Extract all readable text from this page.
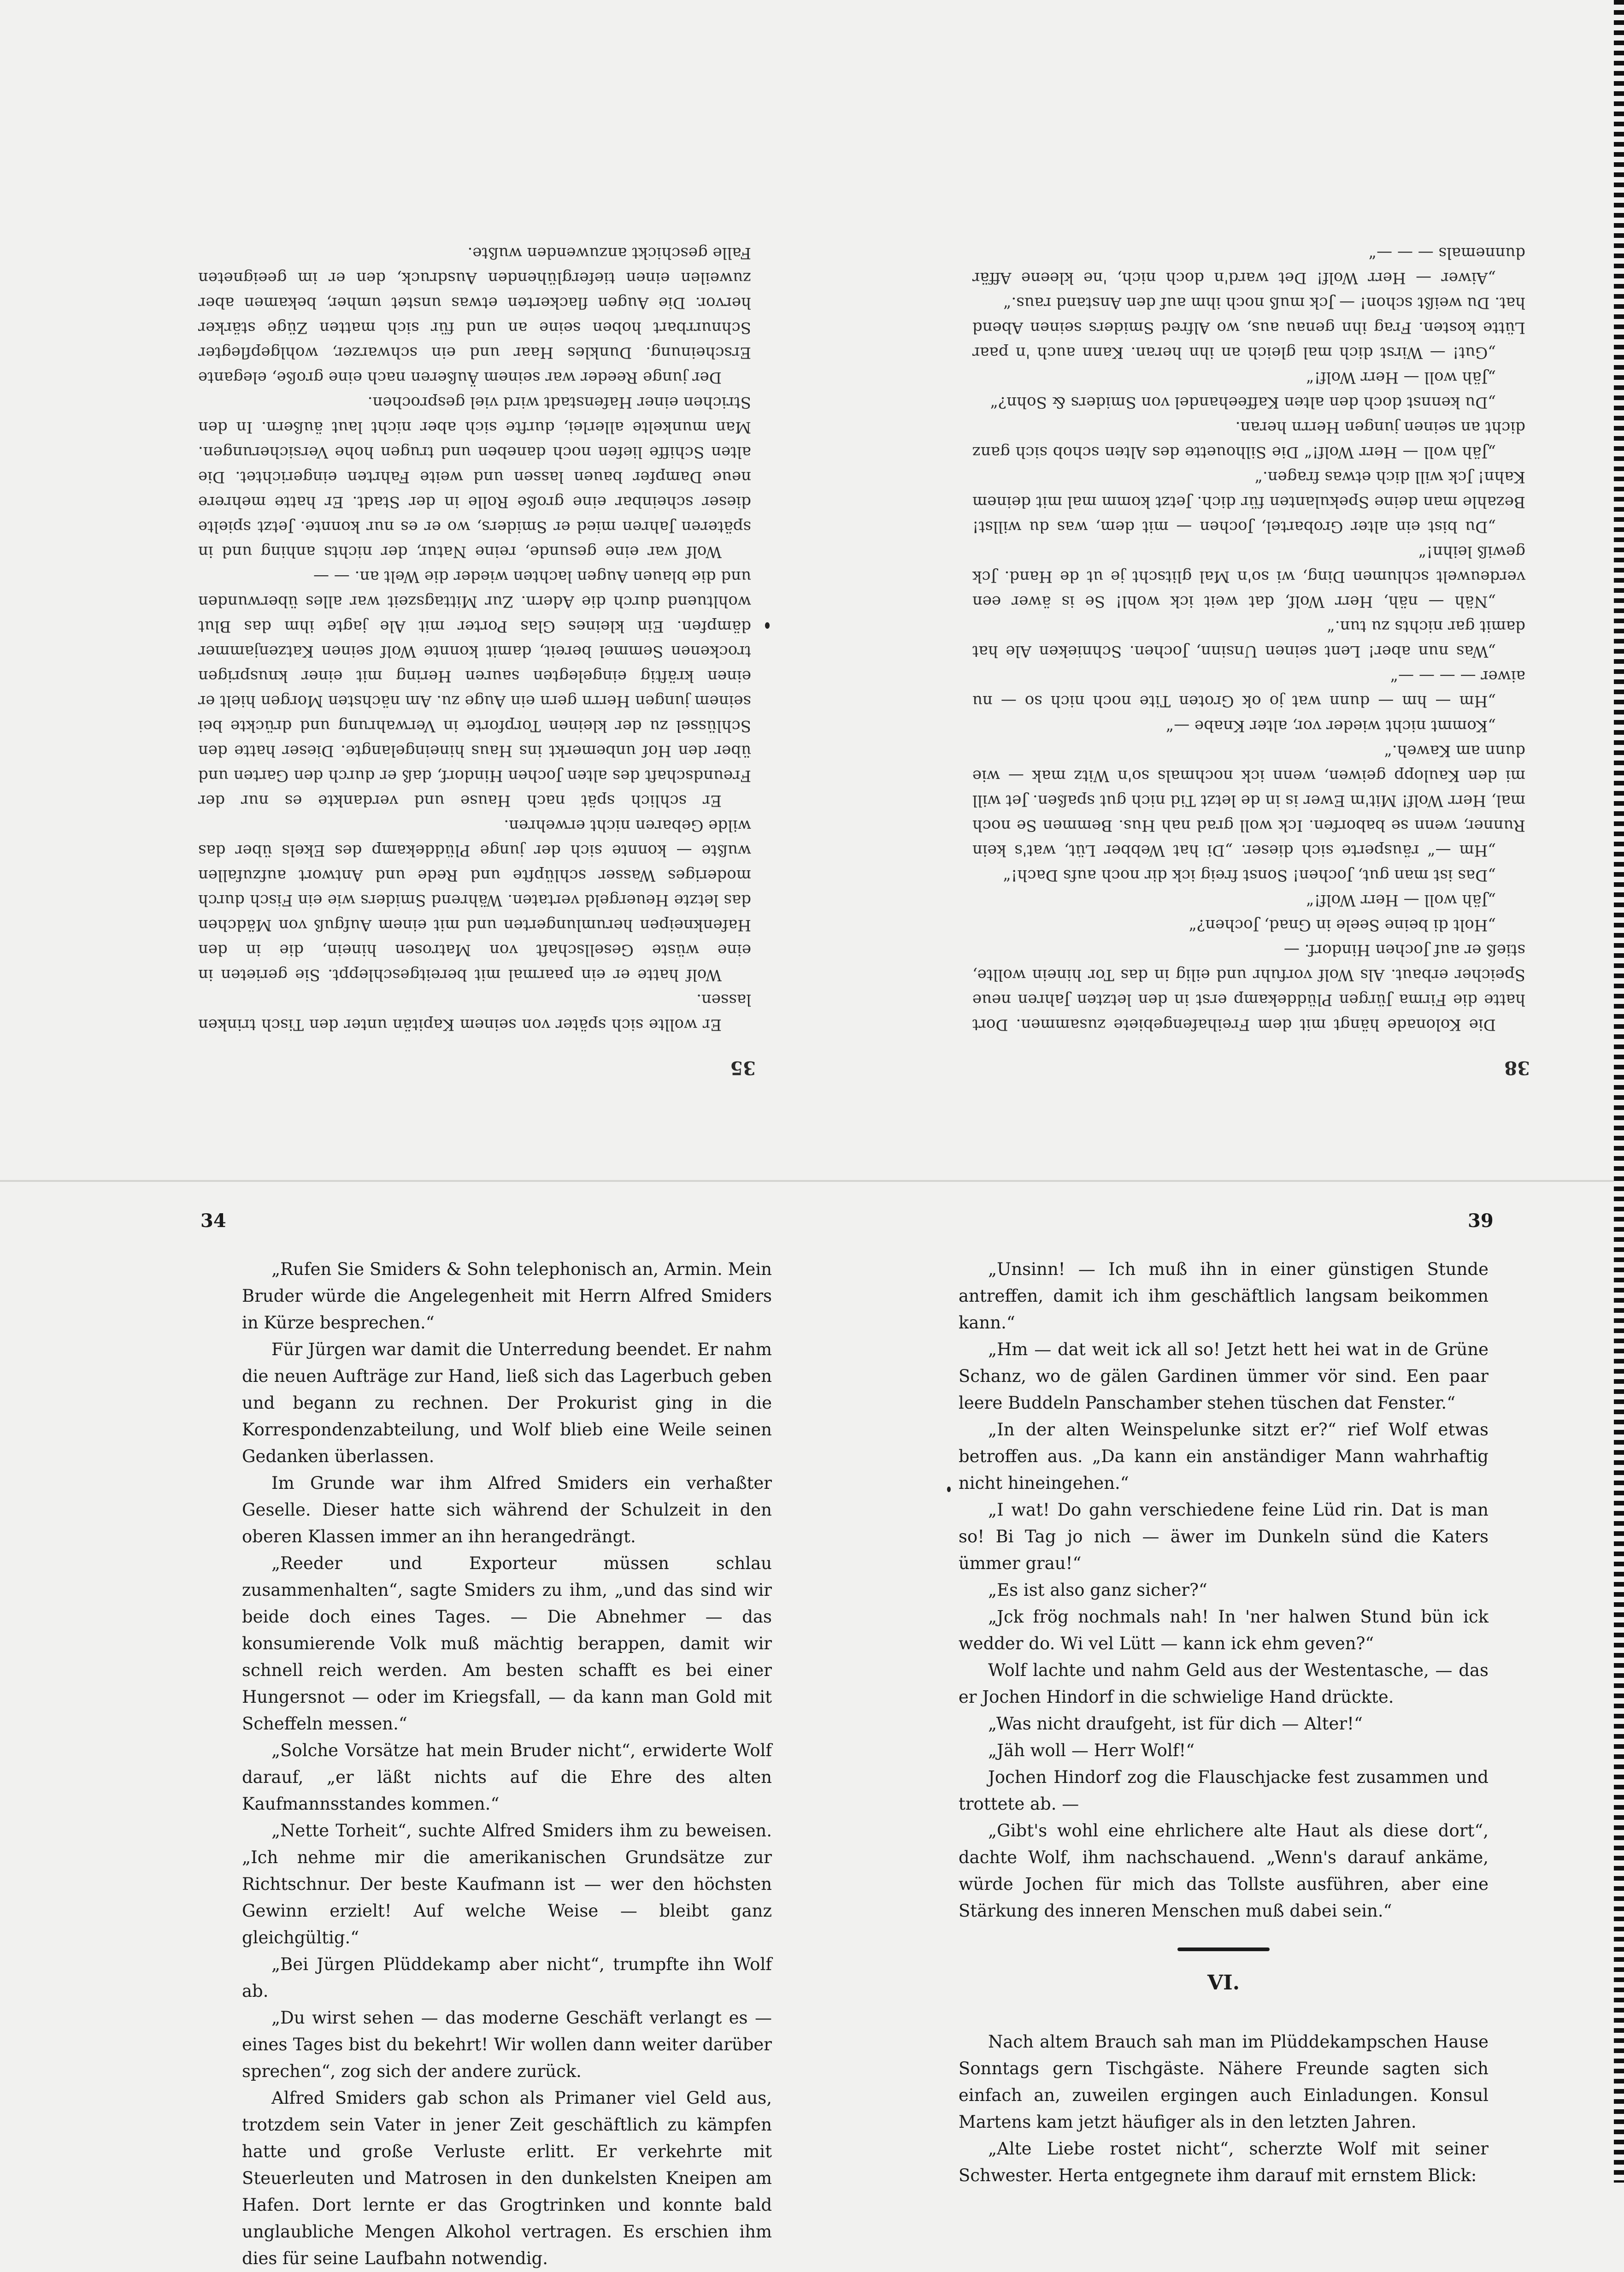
35

Er wollte sich später von seinem Kapitän unter den Tisch trinken lassen.

Wolf hatte er ein paarmal mit bereitgeschleppt. Sie gerieten in eine wüste Gesellschaft von Matrosen hinein, die in den Hafenkneipen herumlungerten und mit einem Aufguß von Mädchen das letzte Heuergeld vertaten. Während Smiders wie ein Fisch durch moderiges Wasser schlüpfte und Rede und Antwort aufzufallen wußte — konnte sich der junge Plüddekamp des Ekels über das wilde Gebaren nicht erwehren.

Er schlich spät nach Hause und verdankte es nur der Freundschaft des alten Jochen Hindorf, daß er durch den Garten und über den Hof unbemerkt ins Haus hineingelangte. Dieser hatte den Schlüssel zu der kleinen Torpforte in Verwahrung und drückte bei seinem jungen Herrn gern ein Auge zu. Am nächsten Morgen hielt er einen kräftig eingelegten sauren Hering mit einer knusprigen trockenen Semmel bereit, damit konnte Wolf seinen Katzenjammer dämpfen. Ein kleines Glas Porter mit Ale jagte ihm das Blut wohltuend durch die Adern. Zur Mittagszeit war alles überwunden und die blauen Augen lachten wieder die Welt an. — —

Wolf war eine gesunde, reine Natur, der nichts anhing und in späteren Jahren mied er Smiders, wo er es nur konnte. Jetzt spielte dieser scheinbar eine große Rolle in der Stadt. Er hatte mehrere neue Dampfer bauen lassen und weite Fahrten eingerichtet. Die alten Schiffe liefen noch daneben und trugen hohe Versicherungen. Man munkelte allerlei, durfte sich aber nicht laut äußern. In den Strichen einer Hafenstadt wird viel gesprochen.

Der junge Reeder war seinem Äußeren nach eine große, elegante Erscheinung. Dunkles Haar und ein schwarzer, wohlgepflegter Schnurrbart hoben seine an und für sich matten Züge stärker hervor. Die Augen flackerten etwas unstet umher, bekamen aber zuweilen einen tieferglühenden Ausdruck, den er im geeigneten Falle geschickt anzuwenden wußte.

38

Die Kolonade hängt mit dem Freihafengebiete zusammen. Dort hatte die Firma Jürgen Plüddekamp erst in den letzten Jahren neue Speicher erbaut. Als Wolf vorfuhr und eilig in das Tor hinein wollte, stieß er auf Jochen Hindorf. —

„Holt di beine Seele in Gnad, Jochen?“

„Jäh woll — Herr Wolf!“

„Das ist man gut, Jochen! Sonst freig ick dir noch aufs Dach!“

„Hm —“ räusperte sich dieser. „Di hat Webber Lüt, wat's kein Runner, wenn se baborfen. Ick woll grad nah Hus. Bemmen Se noch mal, Herr Wolf! Mit'm Ewer is in de letzt Tid nich gut spaßen. Jet will mi den Kaulopp geiwen, wenn ick nochmals so'n Witz mak — wie dunn am Kaweh.“

„Kommt nicht wieder vor, alter Knabe —“

„Hm — hm — dunn wat jo ok Groten Tite noch nich so — nu aiwer — — — —“

„Was nun aber! Lent seinen Unsinn, Jochen. Schnieken Ale hat damit gar nichts zu tun.“

„Näh — näh, Herr Wolf, dat weit ick wohl! Se is äwer een verdeuwelt schlumen Ding, wi so'n Mal glitscht je ut de Hand. Jck gewiß leihn!“

„Du bist ein alter Grobartel, Jochen — mit dem, was du willst! Bezahle man deine Spekulanten für dich. Jetzt komm mal mit deinem Kahn! Jck will dich etwas fragen.“

„Jäh woll — Herr Wolf!“ Die Silhouette des Alten schob sich ganz dicht an seinen jungen Herrn heran.

„Du kennst doch den alten Kaffeehandel von Smiders & Sohn?“

„Jäh woll — Herr Wolf!“

„Gut! — Wirst dich mal gleich an ihn heran. Kann auch 'n paar Lütte kosten. Frag ihn genau aus, wo Alfred Smiders seinen Abend hat. Du weißt schon! — Jck muß noch ihm auf den Anstand raus.“

„Aiwer — Herr Wolf! Det ward'n doch nich, 'ne kleene Affär dunnemals — — —“

34

„Rufen Sie Smiders & Sohn telephonisch an, Armin. Mein Bruder würde die Angelegenheit mit Herrn Alfred Smiders in Kürze besprechen.“

Für Jürgen war damit die Unterredung beendet. Er nahm die neuen Aufträge zur Hand, ließ sich das Lagerbuch geben und begann zu rechnen. Der Prokurist ging in die Korrespondenzabteilung, und Wolf blieb eine Weile seinen Gedanken überlassen.

Im Grunde war ihm Alfred Smiders ein verhaßter Geselle. Dieser hatte sich während der Schulzeit in den oberen Klassen immer an ihn herangedrängt.

„Reeder und Exporteur müssen schlau zusammenhalten“, sagte Smiders zu ihm, „und das sind wir beide doch eines Tages. — Die Abnehmer — das konsumierende Volk muß mächtig berappen, damit wir schnell reich werden. Am besten schafft es bei einer Hungersnot — oder im Kriegsfall, — da kann man Gold mit Scheffeln messen.“

„Solche Vorsätze hat mein Bruder nicht“, erwiderte Wolf darauf, „er läßt nichts auf die Ehre des alten Kaufmannsstandes kommen.“

„Nette Torheit“, suchte Alfred Smiders ihm zu beweisen. „Ich nehme mir die amerikanischen Grundsätze zur Richtschnur. Der beste Kaufmann ist — wer den höchsten Gewinn erzielt! Auf welche Weise — bleibt ganz gleichgültig.“

„Bei Jürgen Plüddekamp aber nicht“, trumpfte ihn Wolf ab.

„Du wirst sehen — das moderne Geschäft verlangt es — eines Tages bist du bekehrt! Wir wollen dann weiter darüber sprechen“, zog sich der andere zurück.

Alfred Smiders gab schon als Primaner viel Geld aus, trotzdem sein Vater in jener Zeit geschäftlich zu kämpfen hatte und große Verluste erlitt. Er verkehrte mit Steuerleuten und Matrosen in den dunkelsten Kneipen am Hafen. Dort lernte er das Grogtrinken und konnte bald unglaubliche Mengen Alkohol vertragen. Es erschien ihm dies für seine Laufbahn notwendig.

39

„Unsinn! — Ich muß ihn in einer günstigen Stunde antreffen, damit ich ihm geschäftlich langsam beikommen kann.“

„Hm — dat weit ick all so! Jetzt hett hei wat in de Grüne Schanz, wo de gälen Gardinen ümmer vör sind. Een paar leere Buddeln Panschamber stehen tüschen dat Fenster.“

„In der alten Weinspelunke sitzt er?“ rief Wolf etwas betroffen aus. „Da kann ein anständiger Mann wahrhaftig nicht hineingehen.“

„I wat! Do gahn verschiedene feine Lüd rin. Dat is man so! Bi Tag jo nich — äwer im Dunkeln sünd die Katers ümmer grau!“

„Es ist also ganz sicher?“

„Jck frög nochmals nah! In 'ner halwen Stund bün ick wedder do. Wi vel Lütt — kann ick ehm geven?“

Wolf lachte und nahm Geld aus der Westentasche, — das er Jochen Hindorf in die schwielige Hand drückte.

„Was nicht draufgeht, ist für dich — Alter!“

„Jäh woll — Herr Wolf!“

Jochen Hindorf zog die Flauschjacke fest zusammen und trottete ab. —

„Gibt's wohl eine ehrlichere alte Haut als diese dort“, dachte Wolf, ihm nachschauend. „Wenn's darauf ankäme, würde Jochen für mich das Tollste ausführen, aber eine Stärkung des inneren Menschen muß dabei sein.“

VI.

Nach altem Brauch sah man im Plüddekampschen Hause Sonntags gern Tischgäste. Nähere Freunde sagten sich einfach an, zuweilen ergingen auch Einladungen. Konsul Martens kam jetzt häufiger als in den letzten Jahren.

„Alte Liebe rostet nicht“, scherzte Wolf mit seiner Schwester. Herta entgegnete ihm darauf mit ernstem Blick:
